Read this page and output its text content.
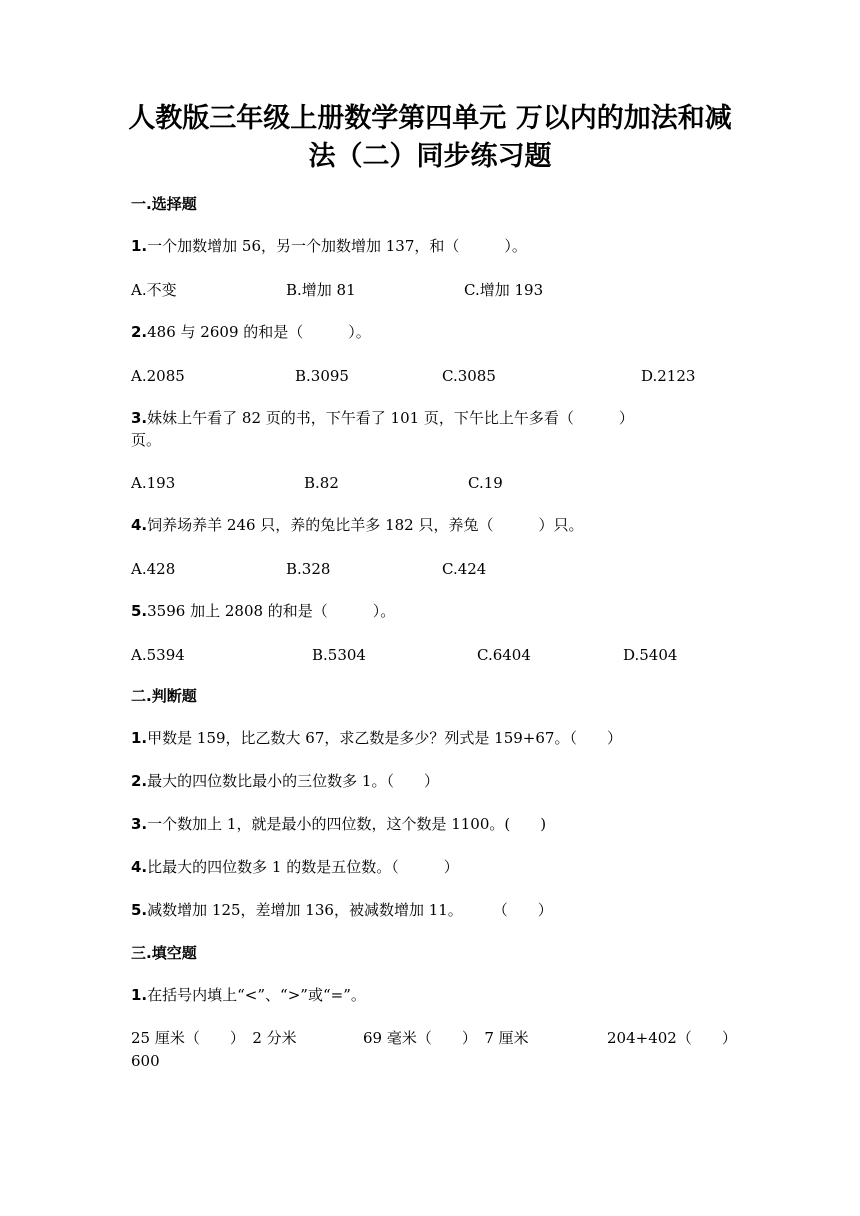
人教版三年级上册数学第四单元 万以内的加法和减
法（二）同步练习题
一.选择题
1.一个加数增加 56，另一个加数增加 137，和（　　　）。
A.不变	B.增加 81	C.增加 193
2.486 与 2609 的和是（　　　）。
A.2085	B.3095	C.3085	D.2123
3.妹妹上午看了 82 页的书，下午看了 101 页，下午比上午多看（　　　）
页。
A.193	B.82	C.19
4.饲养场养羊 246 只，养的兔比羊多 182 只，养兔（　　　）只。
A.428	B.328	C.424
5.3596 加上 2808 的和是（　　　）。
A.5394	B.5304	C.6404	D.5404
二.判断题
1.甲数是 159，比乙数大 67，求乙数是多少？列式是 159+67。（　　）
2.最大的四位数比最小的三位数多 1。（　　）
3.一个数加上 1，就是最小的四位数，这个数是 1100。(　　)
4.比最大的四位数多 1 的数是五位数。（　　　）
5.减数增加 125，差增加 136，被减数增加 11。　　　（　　）
三.填空题
1.在括号内填上“<”、“>”或“=”。
25 厘米（　　）　2 分米	69 毫米（　　）　7 厘米	204+402（　　）
600
